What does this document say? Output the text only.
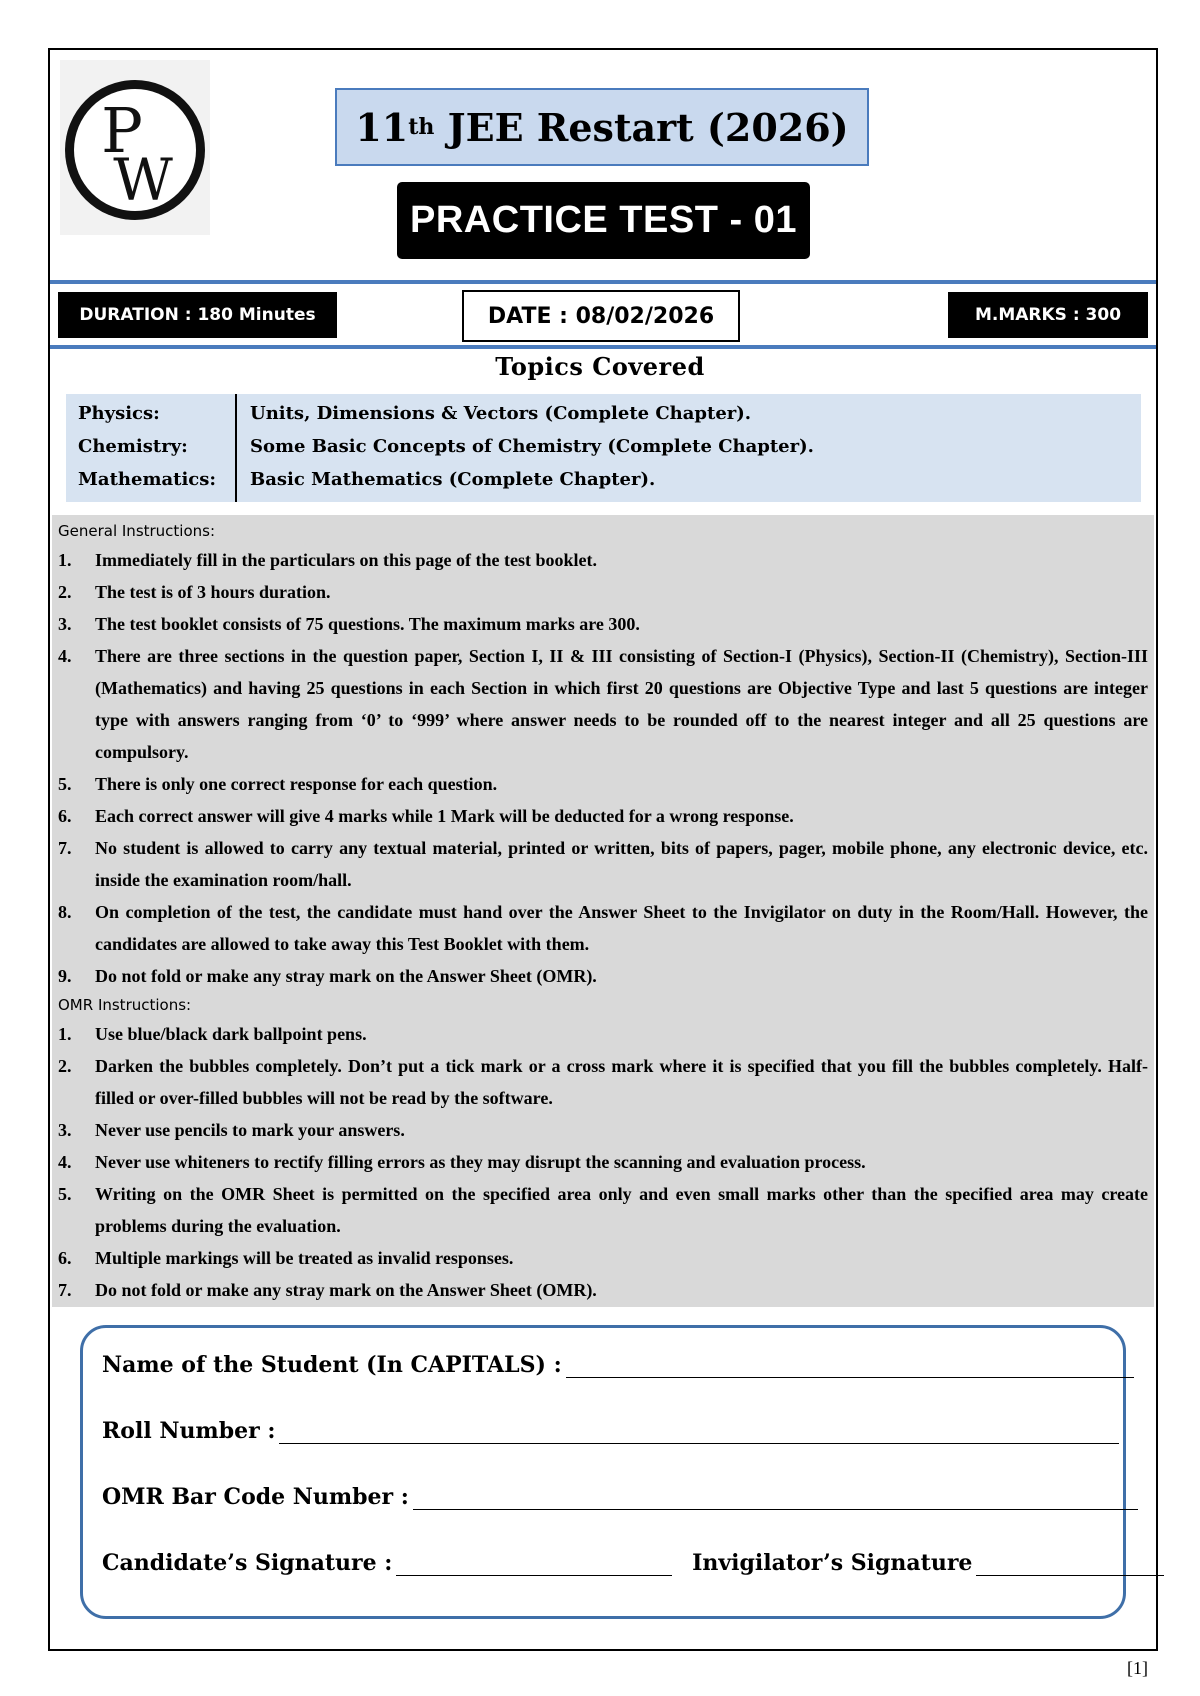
P
W
11 th JEE Restart (2026)
PRACTICE TEST - 01
DURATION : 180 Minutes	DATE : 08/02/2026	M.MARKS : 300
Topics Covered
Physics:	Units, Dimensions & Vectors (Complete Chapter).
Chemistry:	Some Basic Concepts of Chemistry (Complete Chapter).
Mathematics: Basic Mathematics (Complete Chapter).
General Instructions:
1. Immediately fill in the particulars on this page of the test booklet.
2. The test is of 3 hours duration.
3. The test booklet consists of 75 questions. The maximum marks are 300.
4. There are three sections in the question paper, Section I, II & III consisting of Section-I (Physics), Section-II (Chemistry), Section-III (Mathematics) and having 25 questions in each Section in which first 20 questions are Objective Type and last 5 questions are integer type with answers ranging from ‘0’ to ‘999’ where answer needs to be rounded off to the nearest integer and all 25 questions are compulsory.
5. There is only one correct response for each question.
6. Each correct answer will give 4 marks while 1 Mark will be deducted for a wrong response.
7. No student is allowed to carry any textual material, printed or written, bits of papers, pager, mobile phone, any electronic device, etc. inside the examination room/hall.
8. On completion of the test, the candidate must hand over the Answer Sheet to the Invigilator on duty in the Room/Hall. However, the candidates are allowed to take away this Test Booklet with them.
9. Do not fold or make any stray mark on the Answer Sheet (OMR).
OMR Instructions:
1. Use blue/black dark ballpoint pens.
2. Darken the bubbles completely. Don’t put a tick mark or a cross mark where it is specified that you fill the bubbles completely. Half-filled or over-filled bubbles will not be read by the software.
3. Never use pencils to mark your answers.
4. Never use whiteners to rectify filling errors as they may disrupt the scanning and evaluation process.
5. Writing on the OMR Sheet is permitted on the specified area only and even small marks other than the specified area may create problems during the evaluation.
6. Multiple markings will be treated as invalid responses.
7. Do not fold or make any stray mark on the Answer Sheet (OMR).
Name of the Student (In CAPITALS) :
Roll Number :
OMR Bar Code Number :
Candidate’s Signature :	Invigilator’s Signature
[1]
